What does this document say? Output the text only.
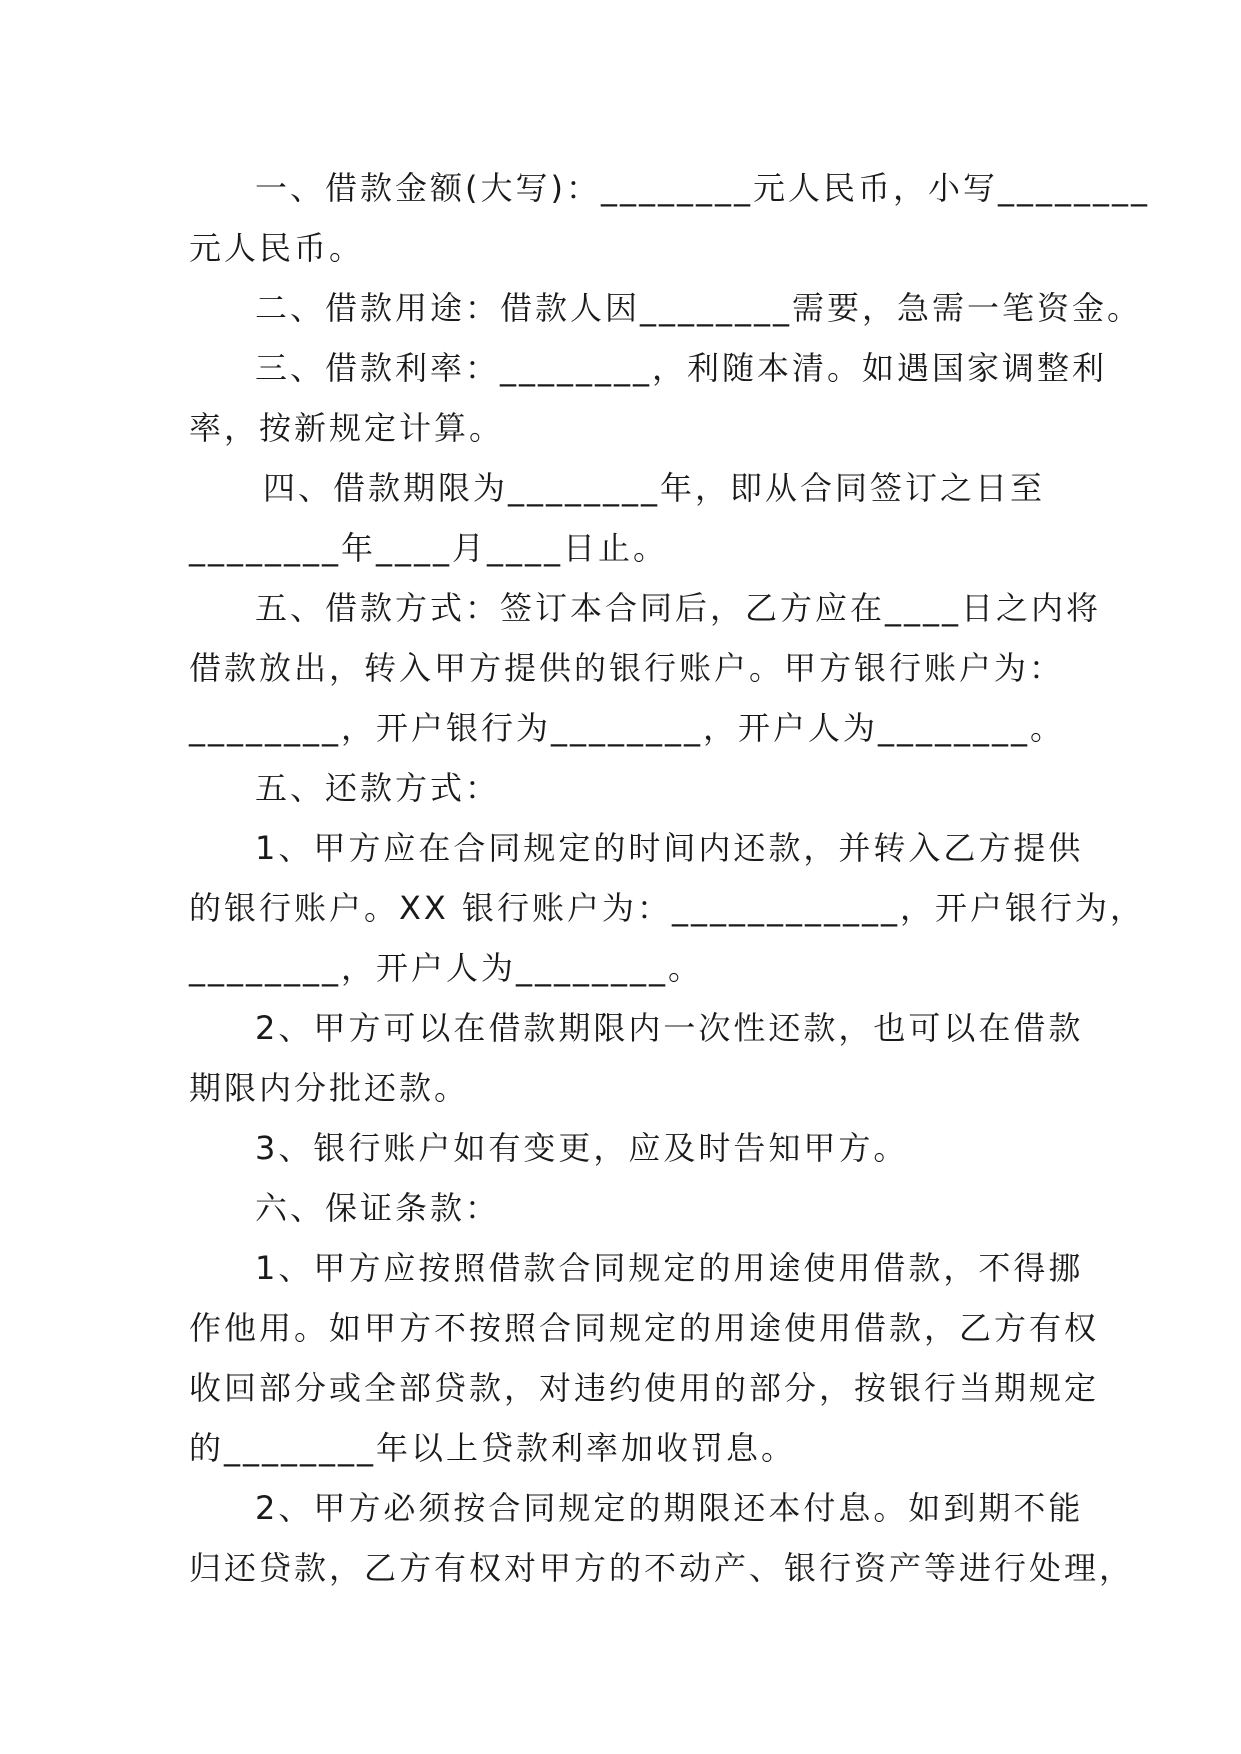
一、借款金额(大写)：________元人民币，小写________
元人民币。
二、借款用途：借款人因________需要，急需一笔资金。
三、借款利率：________，利随本清。如遇国家调整利
率，按新规定计算。
四、借款期限为________年，即从合同签订之日至
________年____月____日止。
五、借款方式：签订本合同后，乙方应在____日之内将
借款放出，转入甲方提供的银行账户。甲方银行账户为：
________，开户银行为________，开户人为________。
五、还款方式：
1、甲方应在合同规定的时间内还款，并转入乙方提供
的银行账户。XX 银行账户为：____________，开户银行为，
________，开户人为________。
2、甲方可以在借款期限内一次性还款，也可以在借款
期限内分批还款。
3、银行账户如有变更，应及时告知甲方。
六、保证条款：
1、甲方应按照借款合同规定的用途使用借款，不得挪
作他用。如甲方不按照合同规定的用途使用借款，乙方有权
收回部分或全部贷款，对违约使用的部分，按银行当期规定
的________年以上贷款利率加收罚息。
2、甲方必须按合同规定的期限还本付息。如到期不能
归还贷款，乙方有权对甲方的不动产、银行资产等进行处理，
